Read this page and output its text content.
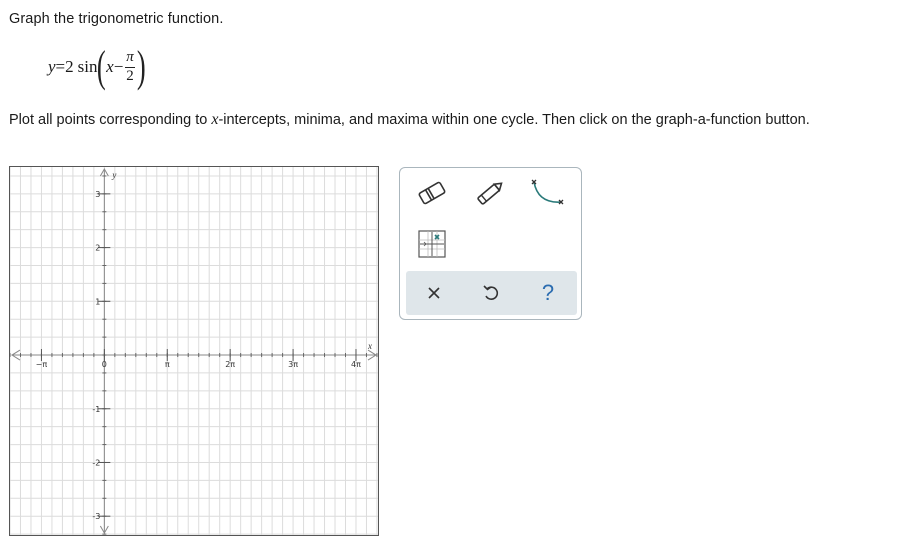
Graph the trigonometric function.
y =2 sin ( $x - \frac{\pi}{2}$ )
Plot all points corresponding to x-intercepts, minima, and maxima within one cycle. Then click on the graph-a-function button.
−π	0	π	2π	3π	4π
3
2
1
-1
-2
-3
x
y
?
